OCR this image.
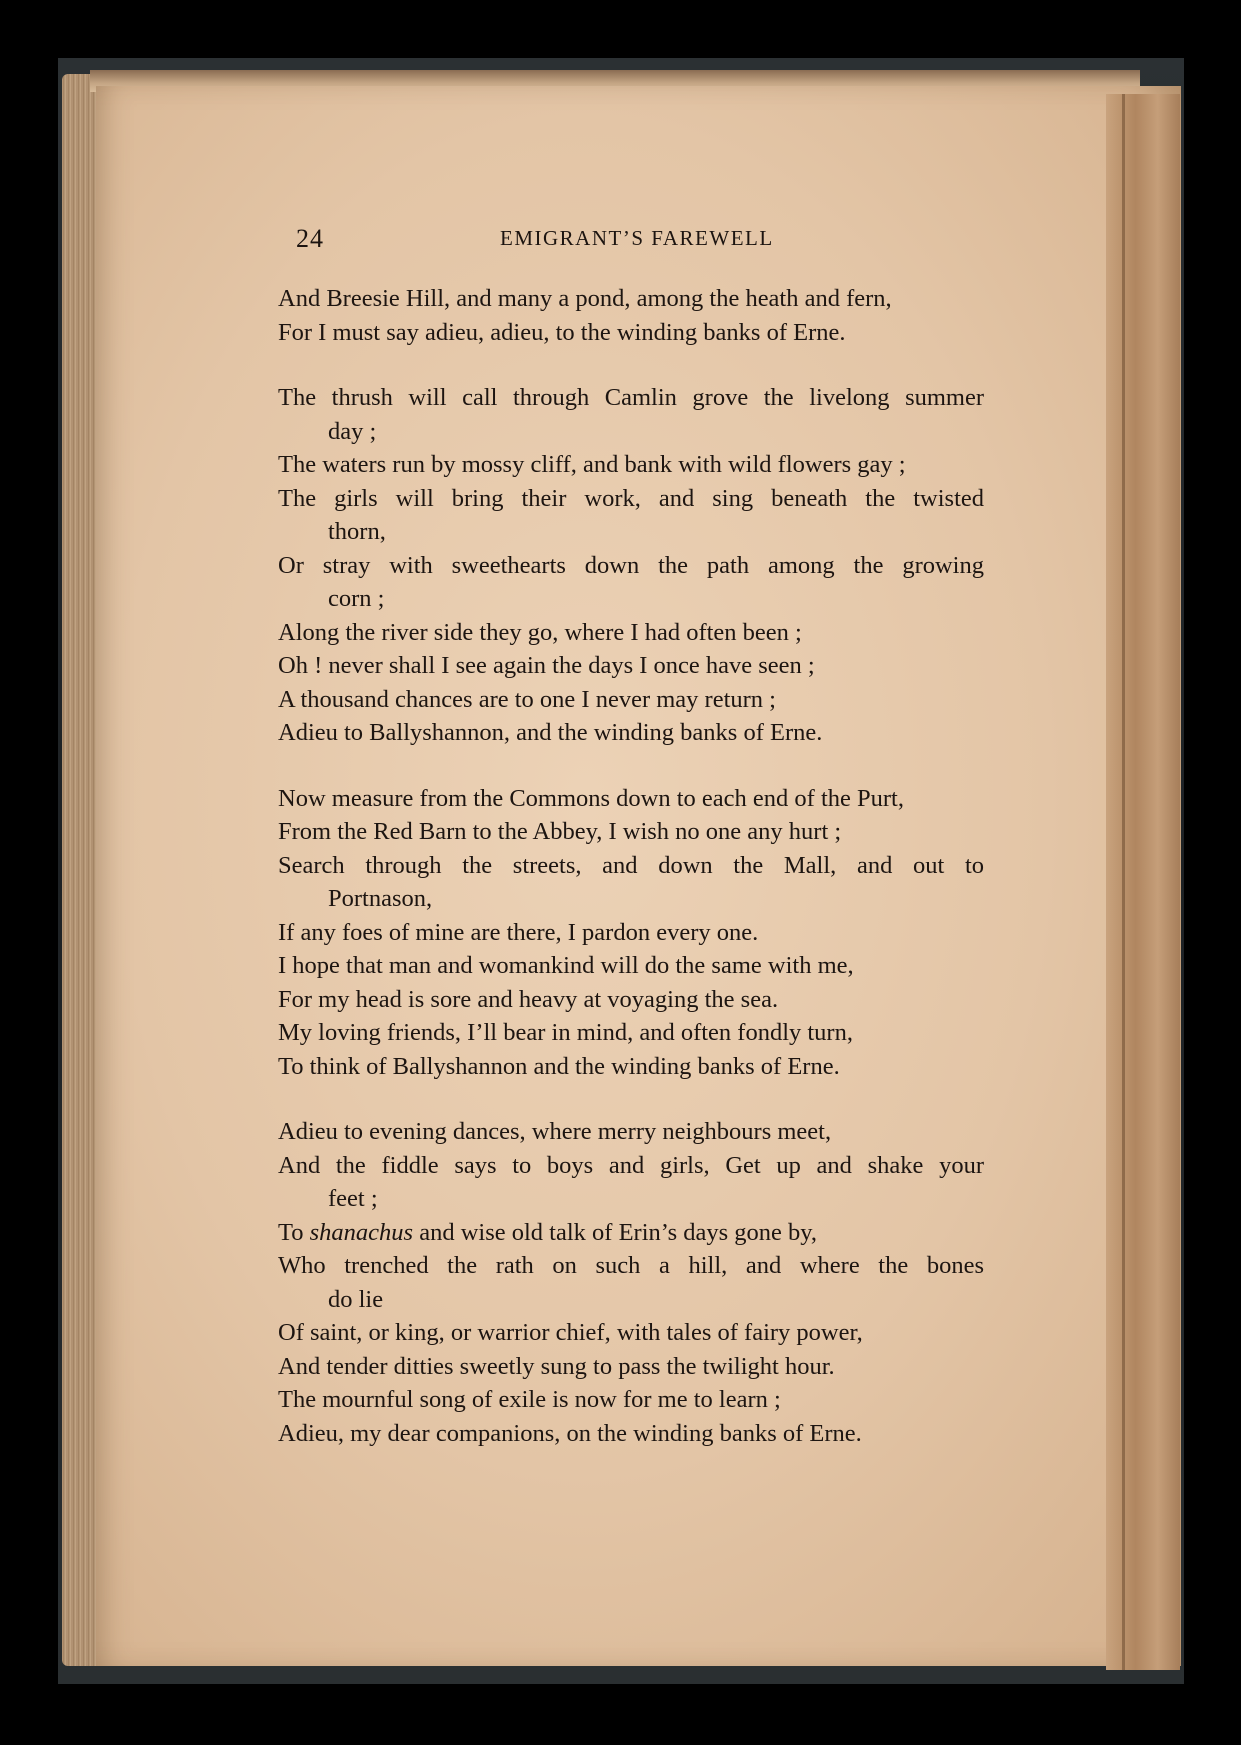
24	EMIGRANT’S FAREWELL
And Breesie Hill, and many a pond, among the heath and fern,
For I must say adieu, adieu, to the winding banks of Erne.
The thrush will call through Camlin grove the livelong summer
day ;
The waters run by mossy cliff, and bank with wild flowers gay ;
The girls will bring their work, and sing beneath the twisted
thorn,
Or stray with sweethearts down the path among the growing
corn ;
Along the river side they go, where I had often been ;
Oh ! never shall I see again the days I once have seen ;
A thousand chances are to one I never may return ;
Adieu to Ballyshannon, and the winding banks of Erne.
Now measure from the Commons down to each end of the Purt,
From the Red Barn to the Abbey, I wish no one any hurt ;
Search through the streets, and down the Mall, and out to
Portnason,
If any foes of mine are there, I pardon every one.
I hope that man and womankind will do the same with me,
For my head is sore and heavy at voyaging the sea.
My loving friends, I’ll bear in mind, and often fondly turn,
To think of Ballyshannon and the winding banks of Erne.
Adieu to evening dances, where merry neighbours meet,
And the fiddle says to boys and girls, Get up and shake your
feet ;
To shanachus and wise old talk of Erin’s days gone by,
Who trenched the rath on such a hill, and where the bones
do lie
Of saint, or king, or warrior chief, with tales of fairy power,
And tender ditties sweetly sung to pass the twilight hour.
The mournful song of exile is now for me to learn ;
Adieu, my dear companions, on the winding banks of Erne.
